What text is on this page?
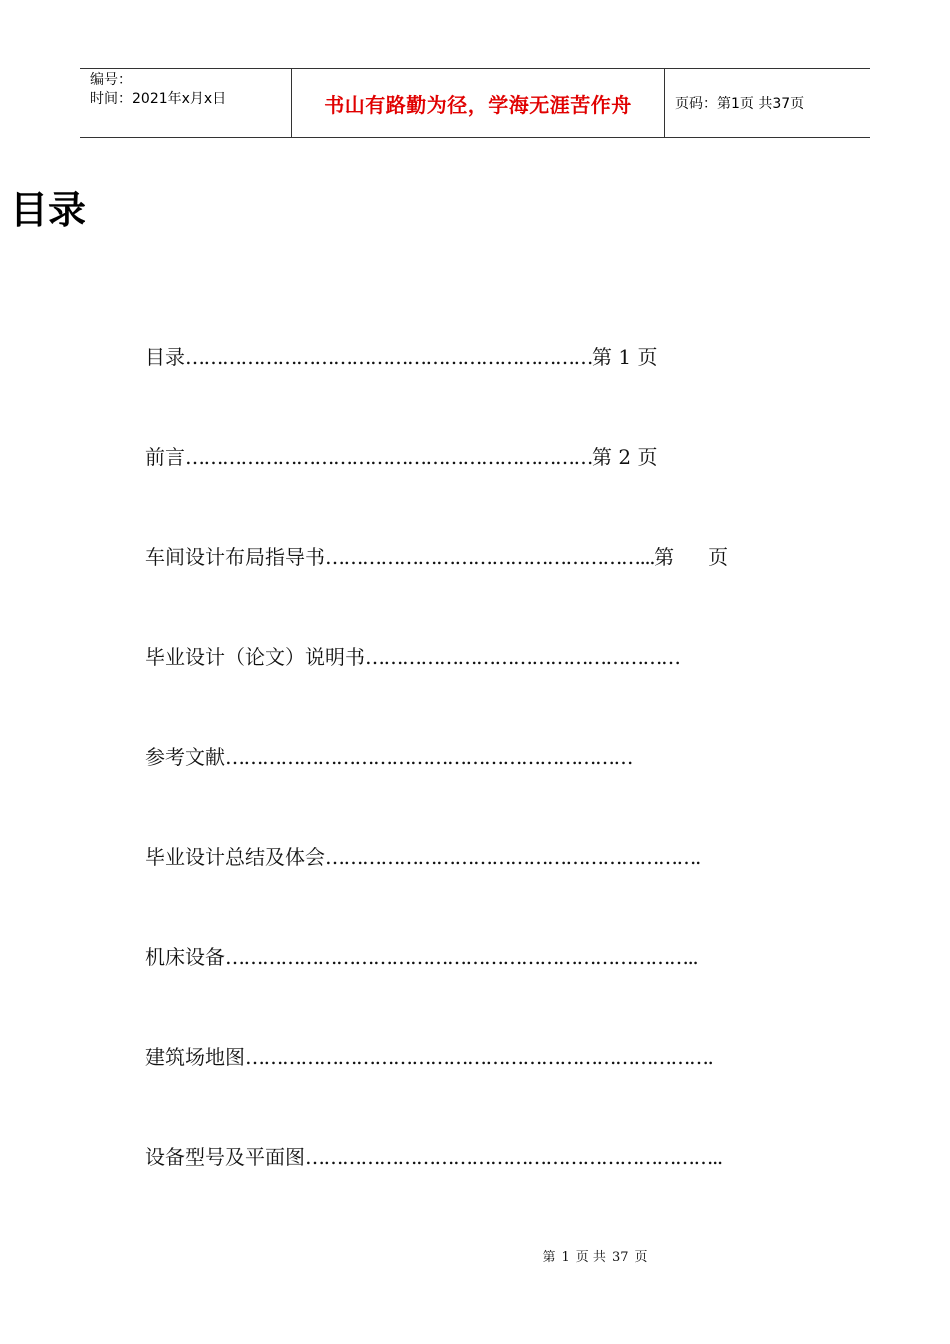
编号：
时间：2021年x月x日	书山有路勤为径，学海无涯苦作舟	页码：第1页 共37页
目录
目录…………………………………………………………第 1 页
前言…………………………………………………………第 2 页
车间设计布局指导书……………………………………………...第 页
毕业设计（论文）说明书……………………………………………
参考文献…………………………………………………………
毕业设计总结及体会…………………………………………………….
机床设备…………………………………………………………………..
建筑场地图………………………………………………………………….
设备型号及平面图…………………………………………………………..
第 1 页 共 37 页
